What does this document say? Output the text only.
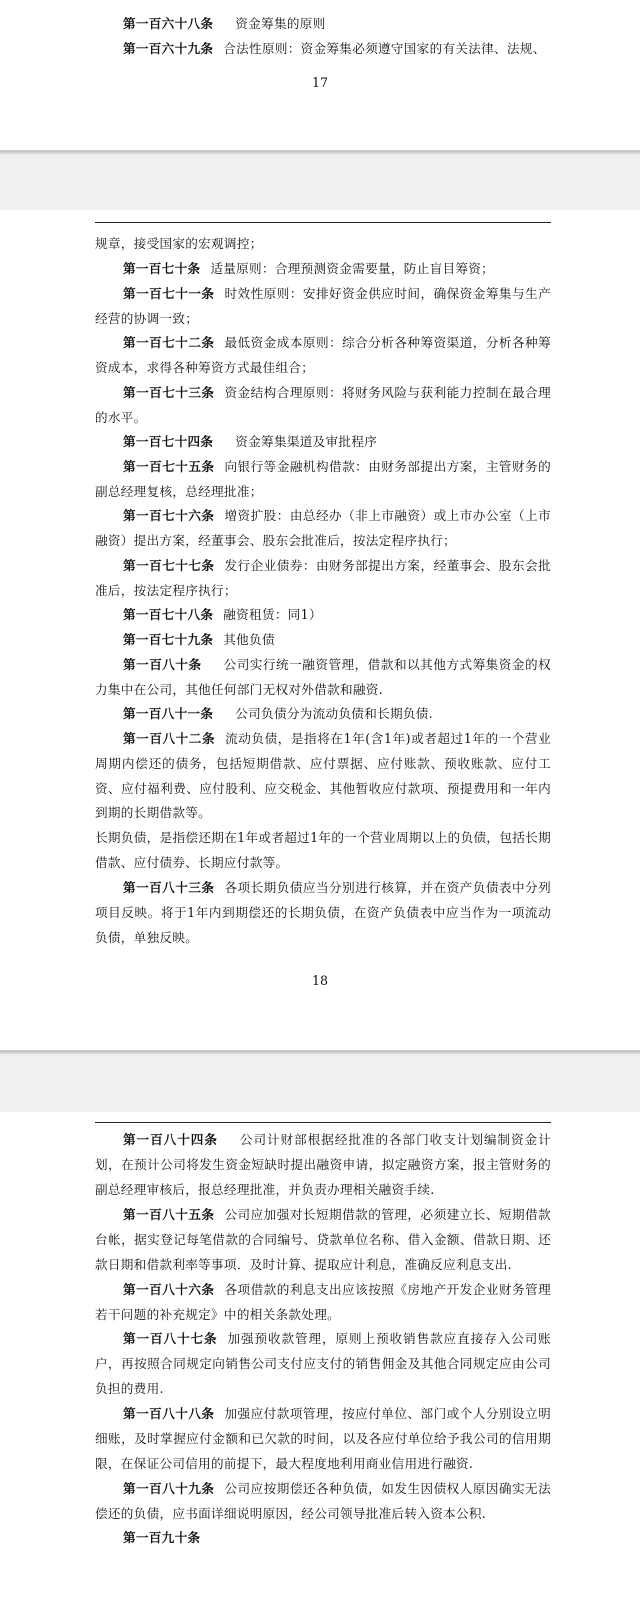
第一百六十八条 资金筹集的原则

第一百六十九条 合法性原则：资金筹集必须遵守国家的有关法律、法规、

17

规章，接受国家的宏观调控；

第一百七十条 适量原则：合理预测资金需要量，防止盲目筹资；

第一百七十一条 时效性原则：安排好资金供应时间，确保资金筹集与生产经营的协调一致；

第一百七十二条 最低资金成本原则：综合分析各种筹资渠道，分析各种筹资成本，求得各种筹资方式最佳组合；

第一百七十三条 资金结构合理原则：将财务风险与获利能力控制在最合理的水平。

第一百七十四条 资金筹集渠道及审批程序

第一百七十五条 向银行等金融机构借款：由财务部提出方案，主管财务的副总经理复核，总经理批准；

第一百七十六条 增资扩股：由总经办（非上市融资）或上市办公室（上市融资）提出方案，经董事会、股东会批准后，按法定程序执行；

第一百七十七条 发行企业债券：由财务部提出方案，经董事会、股东会批准后，按法定程序执行；

第一百七十八条 融资租赁：同1）

第一百七十九条 其他负债

第一百八十条 公司实行统一融资管理，借款和以其他方式筹集资金的权力集中在公司，其他任何部门无权对外借款和融资.

第一百八十一条 公司负债分为流动负债和长期负债.

第一百八十二条 流动负债，是指将在1年(含1年)或者超过1年的一个营业周期内偿还的债务，包括短期借款、应付票据、应付账款、预收账款、应付工资、应付福利费、应付股利、应交税金、其他暂收应付款项、预提费用和一年内到期的长期借款等。

长期负债，是指偿还期在1年或者超过1年的一个营业周期以上的负债，包括长期借款、应付债券、长期应付款等。

第一百八十三条 各项长期负债应当分别进行核算，并在资产负债表中分列项目反映。将于1年内到期偿还的长期负债，在资产负债表中应当作为一项流动负债，单独反映。

18

第一百八十四条 公司计财部根据经批准的各部门收支计划编制资金计划，在预计公司将发生资金短缺时提出融资申请，拟定融资方案，报主管财务的副总经理审核后，报总经理批准，并负责办理相关融资手续.

第一百八十五条 公司应加强对长短期借款的管理，必须建立长、短期借款台帐，据实登记每笔借款的合同编号、贷款单位名称、借入金额、借款日期、还款日期和借款利率等事项．及时计算、提取应计利息，准确反应利息支出.

第一百八十六条 各项借款的利息支出应该按照《房地产开发企业财务管理若干问题的补充规定》中的相关条款处理。

第一百八十七条 加强预收款管理，原则上预收销售款应直接存入公司账户，再按照合同规定向销售公司支付应支付的销售佣金及其他合同规定应由公司负担的费用.

第一百八十八条 加强应付款项管理，按应付单位、部门或个人分别设立明细账，及时掌握应付金额和已欠款的时间，以及各应付单位给予我公司的信用期限，在保证公司信用的前提下，最大程度地利用商业信用进行融资.

第一百八十九条 公司应按期偿还各种负债，如发生因债权人原因确实无法偿还的负债，应书面详细说明原因，经公司领导批准后转入资本公积.

第一百九十条
